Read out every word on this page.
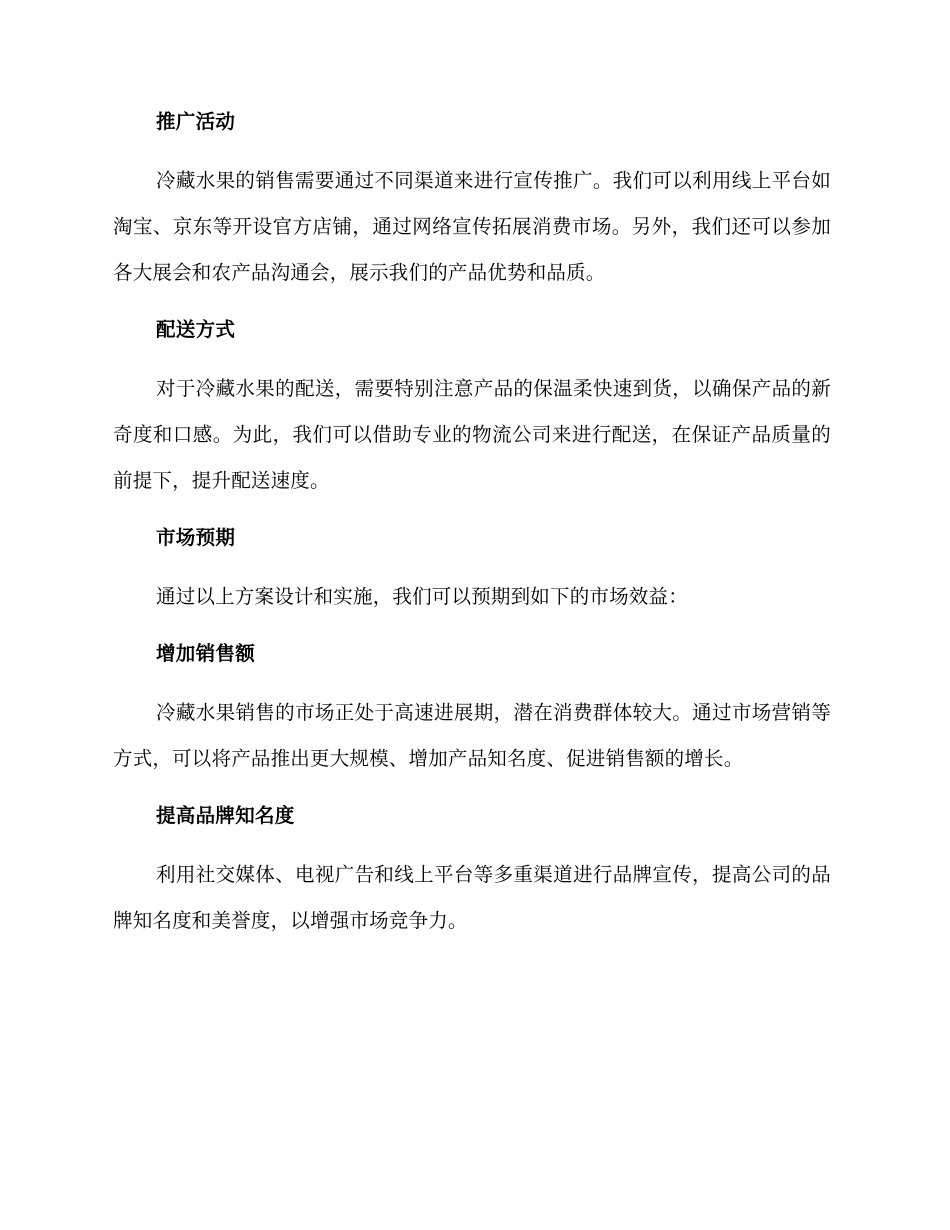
推广活动

冷藏水果的销售需要通过不同渠道来进行宣传推广。我们可以利用线上平台如淘宝、京东等开设官方店铺，通过网络宣传拓展消费市场。另外，我们还可以参加各大展会和农产品沟通会，展示我们的产品优势和品质。

配送方式

对于冷藏水果的配送，需要特别注意产品的保温柔快速到货，以确保产品的新奇度和口感。为此，我们可以借助专业的物流公司来进行配送，在保证产品质量的前提下，提升配送速度。

市场预期

通过以上方案设计和实施，我们可以预期到如下的市场效益：

增加销售额

冷藏水果销售的市场正处于高速进展期，潜在消费群体较大。通过市场营销等方式，可以将产品推出更大规模、增加产品知名度、促进销售额的增长。

提高品牌知名度

利用社交媒体、电视广告和线上平台等多重渠道进行品牌宣传，提高公司的品牌知名度和美誉度，以增强市场竞争力。
